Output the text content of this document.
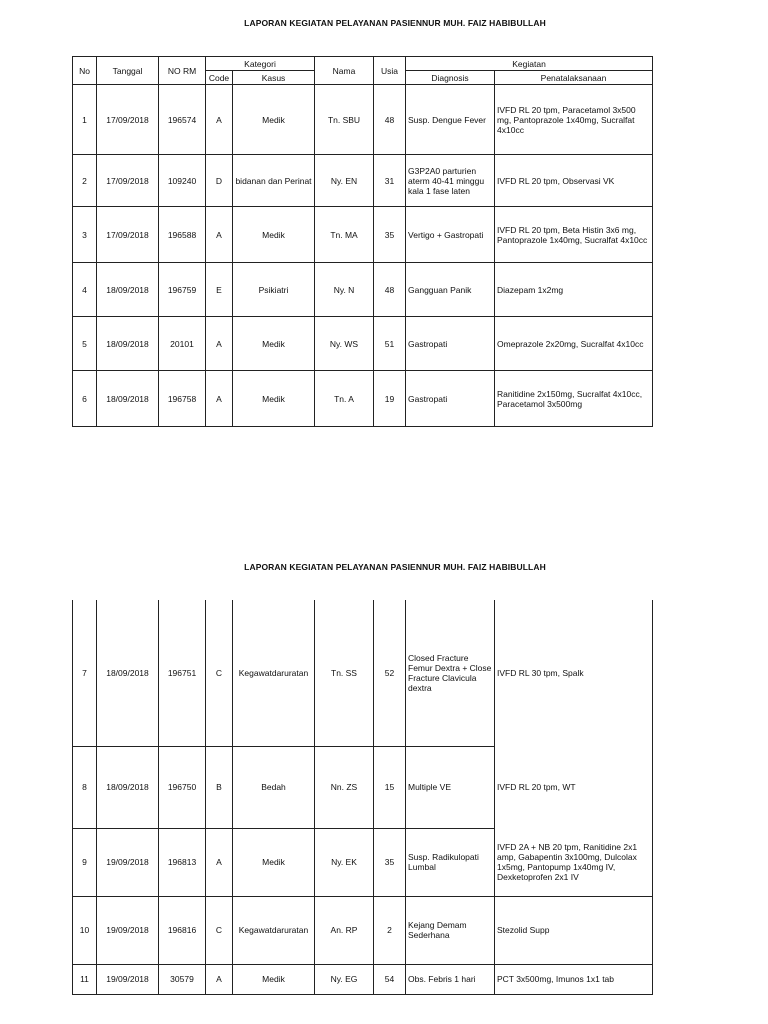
LAPORAN KEGIATAN PELAYANAN PASIENNUR MUH. FAIZ HABIBULLAH
No	Tanggal	NO RM	Kategori		Nama	Usia	Kegiatan	
			Code	Kasus			Diagnosis	Penatalaksanaan
1	17/09/2018	196574	A	Medik	Tn. SBU	48	Susp. Dengue Fever	IVFD RL 20 tpm, Paracetamol 3x500 mg, Pantoprazole 1x40mg, Sucralfat 4x10cc
2	17/09/2018	109240	D	bidanan dan Perinat	Ny. EN	31	G3P2A0 parturien aterm 40-41 minggu kala 1 fase laten	IVFD RL 20 tpm, Observasi VK
3	17/09/2018	196588	A	Medik	Tn. MA	35	Vertigo + Gastropati	IVFD RL 20 tpm, Beta Histin 3x6 mg, Pantoprazole 1x40mg, Sucralfat 4x10cc
4	18/09/2018	196759	E	Psikiatri	Ny. N	48	Gangguan Panik	Diazepam 1x2mg
5	18/09/2018	20101	A	Medik	Ny. WS	51	Gastropati	Omeprazole 2x20mg, Sucralfat 4x10cc
6	18/09/2018	196758	A	Medik	Tn. A	19	Gastropati	Ranitidine 2x150mg, Sucralfat 4x10cc, Paracetamol 3x500mg
LAPORAN KEGIATAN PELAYANAN PASIENNUR MUH. FAIZ HABIBULLAH
7	18/09/2018	196751	C	Kegawatdaruratan	Tn. SS	52	Closed Fracture Femur Dextra + Close Fracture Clavicula dextra	IVFD RL 30 tpm, Spalk
8	18/09/2018	196750	B	Bedah	Nn. ZS	15	Multiple VE	IVFD RL 20 tpm, WT
9	19/09/2018	196813	A	Medik	Ny. EK	35	Susp. Radikulopati Lumbal	IVFD 2A + NB 20 tpm, Ranitidine 2x1 amp, Gabapentin 3x100mg, Dulcolax 1x5mg, Pantopump 1x40mg IV, Dexketoprofen 2x1 IV
10	19/09/2018	196816	C	Kegawatdaruratan	An. RP	2	Kejang Demam Sederhana	Stezolid Supp
11	19/09/2018	30579	A	Medik	Ny. EG	54	Obs. Febris 1 hari	PCT 3x500mg, Imunos 1x1 tab
